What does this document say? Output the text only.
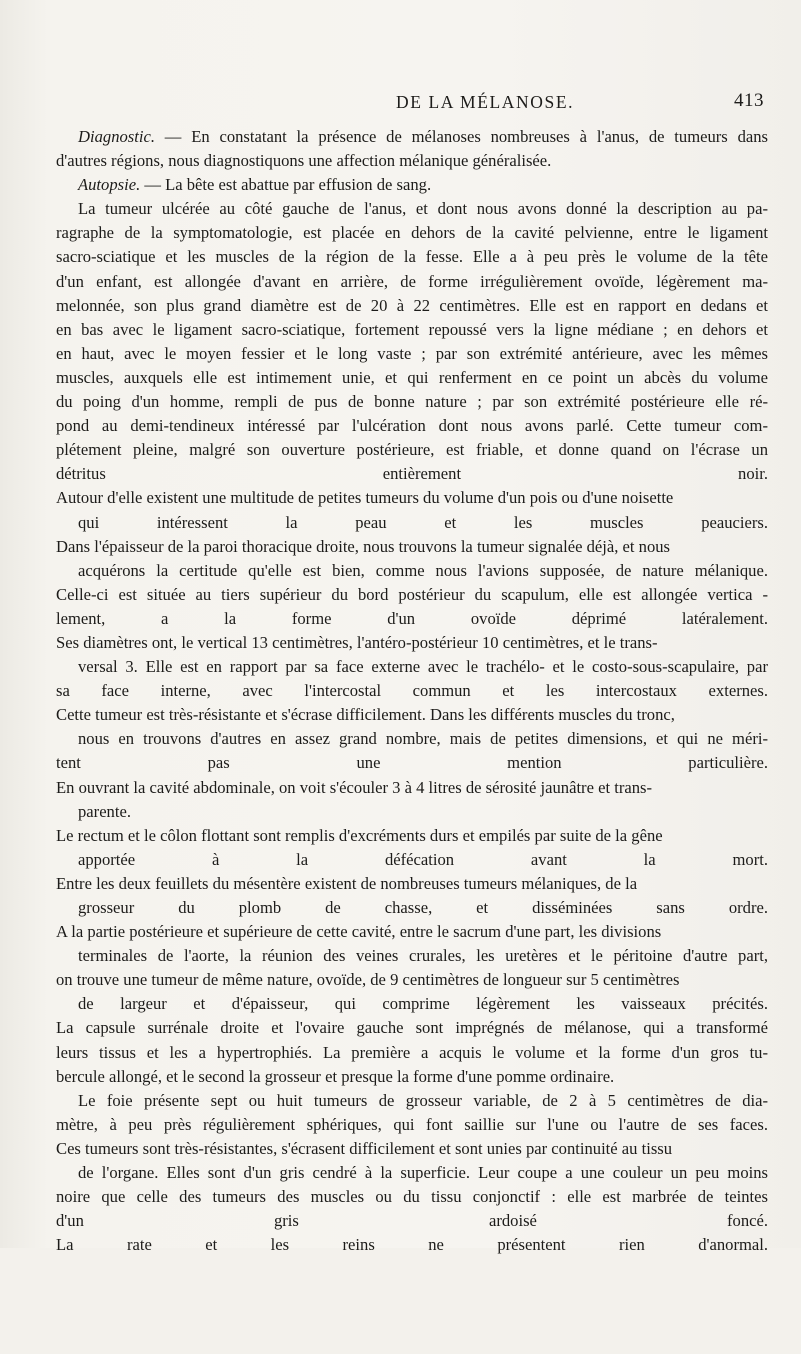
DE LA MÉLANOSE.	413
Diagnostic. — En constatant la présence de mélanoses nombreuses à l'anus, de tumeurs dans
d'autres régions, nous diagnostiquons une affection mélanique généralisée.
Autopsie. — La bête est abattue par effusion de sang.
La tumeur ulcérée au côté gauche de l'anus, et dont nous avons donné la description au pa-
ragraphe de la symptomatologie, est placée en dehors de la cavité pelvienne, entre le ligament
sacro-sciatique et les muscles de la région de la fesse. Elle a à peu près le volume de la tête
d'un enfant, est allongée d'avant en arrière, de forme irrégulièrement ovoïde, légèrement ma-
melonnée, son plus grand diamètre est de 20 à 22 centimètres. Elle est en rapport en dedans et
en bas avec le ligament sacro-sciatique, fortement repoussé vers la ligne médiane ; en dehors et
en haut, avec le moyen fessier et le long vaste ; par son extrémité antérieure, avec les mêmes
muscles, auxquels elle est intimement unie, et qui renferment en ce point un abcès du volume
du poing d'un homme, rempli de pus de bonne nature ; par son extrémité postérieure elle ré-
pond au demi-tendineux intéressé par l'ulcération dont nous avons parlé. Cette tumeur com-
plétement pleine, malgré son ouverture postérieure, est friable, et donne quand on l'écrase un
détritus entièrement noir.
Autour d'elle existent une multitude de petites tumeurs du volume d'un pois ou d'une noisette
qui intéressent la peau et les muscles peauciers.
Dans l'épaisseur de la paroi thoracique droite, nous trouvons la tumeur signalée déjà, et nous
acquérons la certitude qu'elle est bien, comme nous l'avions supposée, de nature mélanique.
Celle-ci est située au tiers supérieur du bord postérieur du scapulum, elle est allongée vertica -
lement, a la forme d'un ovoïde déprimé latéralement.
Ses diamètres ont, le vertical 13 centimètres, l'antéro-postérieur 10 centimètres, et le trans-
versal 3. Elle est en rapport par sa face externe avec le trachélo- et le costo-sous-scapulaire, par
sa face interne, avec l'intercostal commun et les intercostaux externes.
Cette tumeur est très-résistante et s'écrase difficilement. Dans les différents muscles du tronc,
nous en trouvons d'autres en assez grand nombre, mais de petites dimensions, et qui ne méri-
tent pas une mention particulière.
En ouvrant la cavité abdominale, on voit s'écouler 3 à 4 litres de sérosité jaunâtre et trans-
parente.
Le rectum et le côlon flottant sont remplis d'excréments durs et empilés par suite de la gêne
apportée à la défécation avant la mort.
Entre les deux feuillets du mésentère existent de nombreuses tumeurs mélaniques, de la
grosseur du plomb de chasse, et disséminées sans ordre.
A la partie postérieure et supérieure de cette cavité, entre le sacrum d'une part, les divisions
terminales de l'aorte, la réunion des veines crurales, les uretères et le péritoine d'autre part,
on trouve une tumeur de même nature, ovoïde, de 9 centimètres de longueur sur 5 centimètres
de largeur et d'épaisseur, qui comprime légèrement les vaisseaux précités.
La capsule surrénale droite et l'ovaire gauche sont imprégnés de mélanose, qui a transformé
leurs tissus et les a hypertrophiés. La première a acquis le volume et la forme d'un gros tu-
bercule allongé, et le second la grosseur et presque la forme d'une pomme ordinaire.
Le foie présente sept ou huit tumeurs de grosseur variable, de 2 à 5 centimètres de dia-
mètre, à peu près régulièrement sphériques, qui font saillie sur l'une ou l'autre de ses faces.
Ces tumeurs sont très-résistantes, s'écrasent difficilement et sont unies par continuité au tissu
de l'organe. Elles sont d'un gris cendré à la superficie. Leur coupe a une couleur un peu moins
noire que celle des tumeurs des muscles ou du tissu conjonctif : elle est marbrée de teintes
d'un gris ardoisé foncé.
La rate et les reins ne présentent rien d'anormal.
